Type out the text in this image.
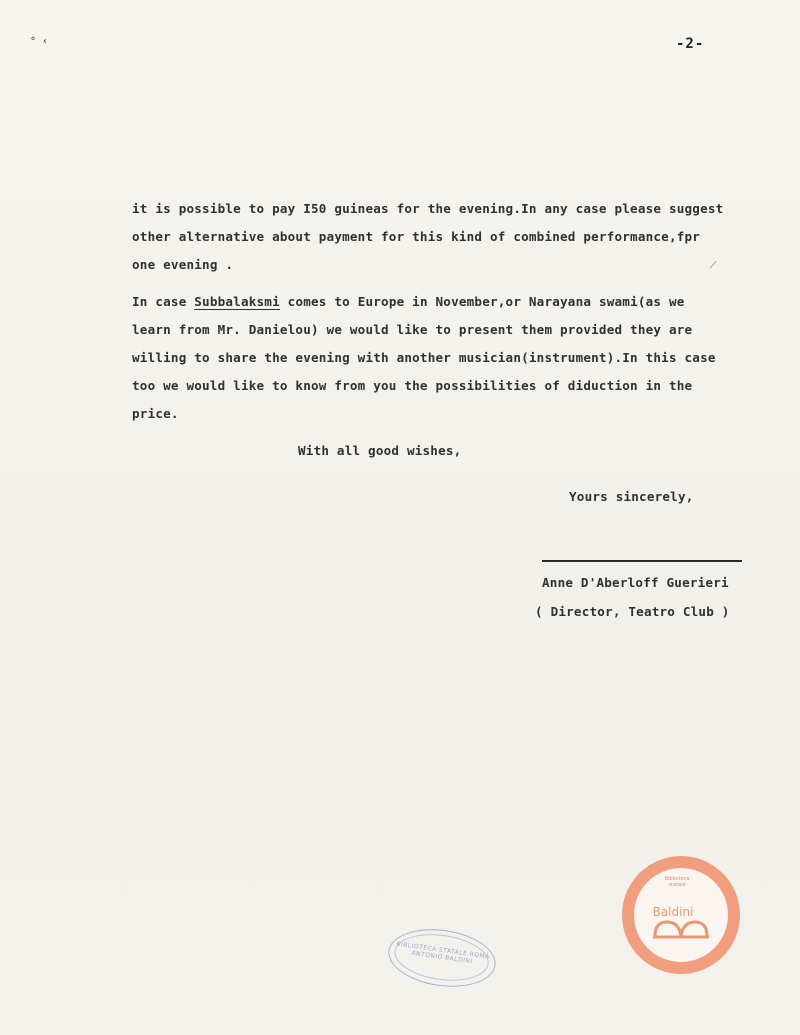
° ‹	-2-
it is possible to pay I50 guineas for the evening.In any case please suggest
other alternative about payment for this kind of combined performance,fpr
one evening .	⁄
In case Subbalaksmi comes to Europe in November,or Narayana swami(as we
learn from Mr. Danielou) we would like to present them provided they are
willing to share the evening with another musician(instrument).In this case
too we would like to know from you the possibilities of diduction in the
price.
With all good wishes,
Yours sincerely,
Anne D'Aberloff Guerieri
( Director, Teatro Club )
BIBLIOTECA STATALE ROMA ANTONIO BALDINI
Biblioteca statale
Baldini
